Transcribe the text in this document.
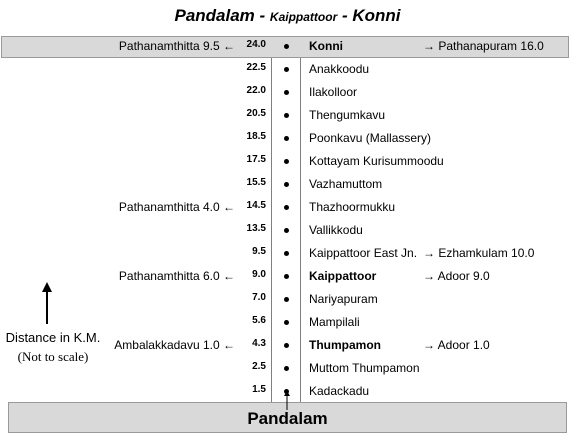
Pandalam - Kaippattoor - Konni
Pathanamthitta 9.5 ← 24.0	Konni	→ Pathanapuram 16.0
22.5	Anakkoodu
22.0	Ilakolloor
20.5	Thengumkavu
18.5	Poonkavu (Mallassery)
17.5	Kottayam Kurisummoodu
15.5	Vazhamuttom
Pathanamthitta 4.0 ← 14.5	Thazhoormukku
13.5	Vallikkodu
9.5	Kaippattoor East Jn. → Ezhamkulam 10.0
Pathanamthitta 6.0 ← 9.0	Kaippattoor	→ Adoor 9.0
7.0	Nariyapuram
5.6	Mampilali
Ambalakkadavu 1.0 ← 4.3	Thumpamon	→ Adoor 1.0
2.5	Muttom Thumpamon
1.5	Kadackadu
Pandalam
Distance in K.M.
(Not to scale)
